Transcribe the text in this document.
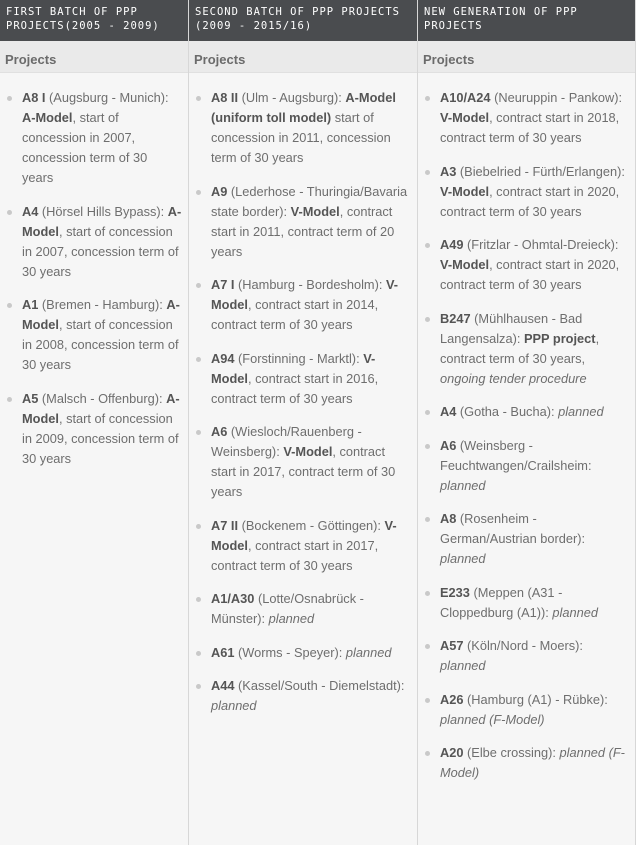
FIRST BATCH OF PPP PROJECTS(2005 - 2009)
Projects
A8 I (Augsburg - Munich): A-Model, start of concession in 2007, concession term of 30 years
A4 (Hörsel Hills Bypass): A-Model, start of concession in 2007, concession term of 30 years
A1 (Bremen - Hamburg): A-Model, start of concession in 2008, concession term of 30 years
A5 (Malsch - Offenburg): A-Model, start of concession in 2009, concession term of 30 years
SECOND BATCH OF PPP PROJECTS (2009 - 2015/16)
Projects
A8 II (Ulm - Augsburg): A-Model (uniform toll model) start of concession in 2011, concession term of 30 years
A9 (Lederhose - Thuringia/Bavaria state border): V-Model, contract start in 2011, contract term of 20 years
A7 I (Hamburg - Bordesholm): V-Model, contract start in 2014, contract term of 30 years
A94 (Forstinning - Marktl): V-Model, contract start in 2016, contract term of 30 years
A6 (Wiesloch/Rauenberg - Weinsberg): V-Model, contract start in 2017, contract term of 30 years
A7 II (Bockenem - Göttingen): V-Model, contract start in 2017, contract term of 30 years
A1/A30 (Lotte/Osnabrück - Münster): planned
A61 (Worms - Speyer): planned
A44 (Kassel/South - Diemelstadt): planned
NEW GENERATION OF PPP PROJECTS
Projects
A10/A24 (Neuruppin - Pankow): V-Model, contract start in 2018, contract term of 30 years
A3 (Biebelried - Fürth/Erlangen): V-Model, contract start in 2020, contract term of 30 years
A49 (Fritzlar - Ohmtal-Dreieck): V-Model, contract start in 2020, contract term of 30 years
B247 (Mühlhausen - Bad Langensalza): PPP project, contract term of 30 years, ongoing tender procedure
A4 (Gotha - Bucha): planned
A6 (Weinsberg - Feuchtwangen/Crailsheim: planned
A8 (Rosenheim - German/Austrian border): planned
E233 (Meppen (A31 - Cloppedburg (A1)): planned
A57 (Köln/Nord - Moers): planned
A26 (Hamburg (A1) - Rübke): planned (F-Model)
A20 (Elbe crossing): planned (F-Model)
